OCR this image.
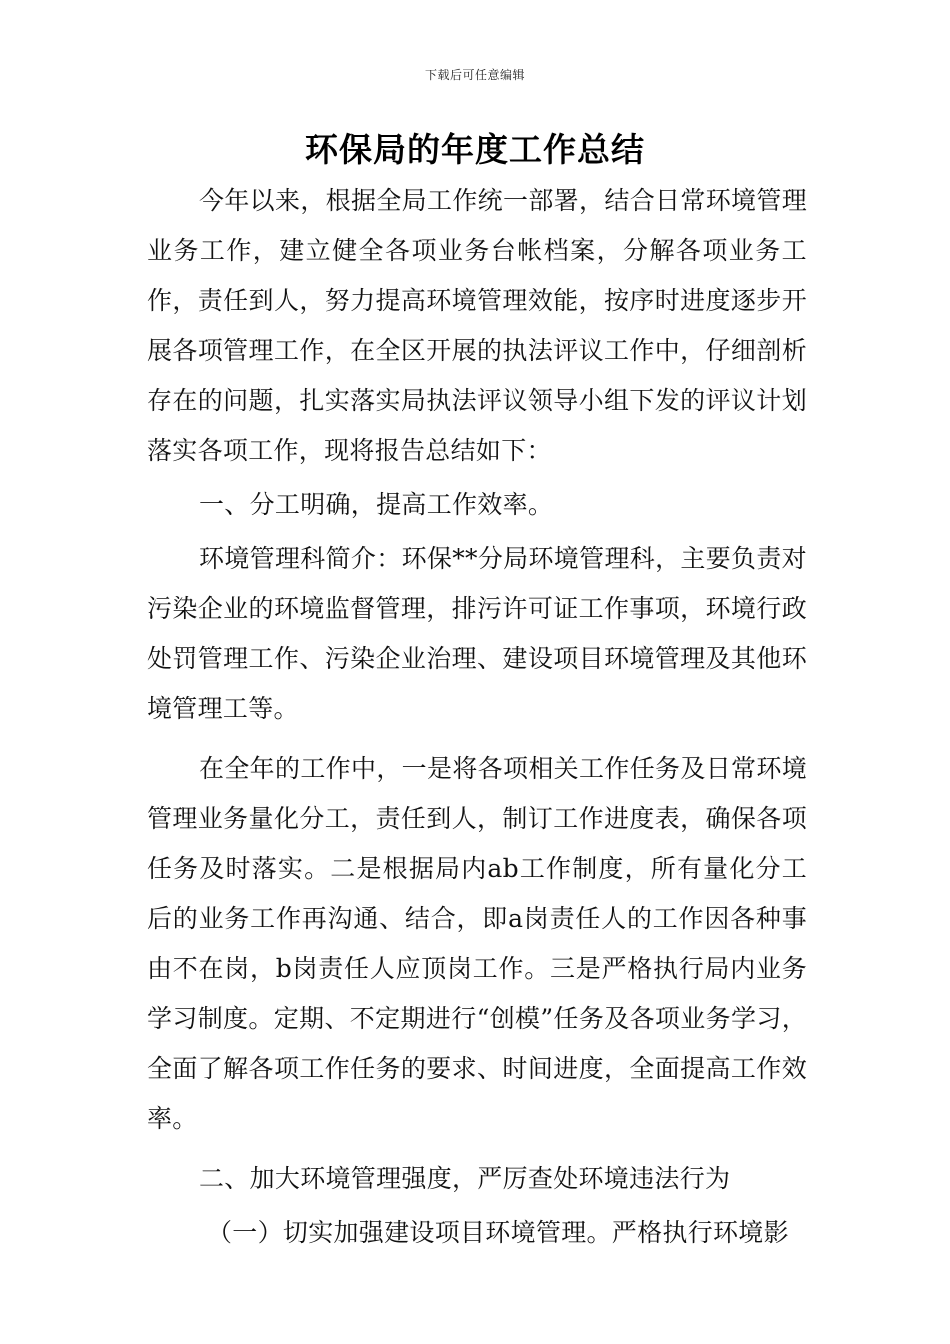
下载后可任意编辑
环保局的年度工作总结

今年以来，根据全局工作统一部署，结合日常环境管理业务工作，建立健全各项业务台帐档案，分解各项业务工作，责任到人，努力提高环境管理效能，按序时进度逐步开展各项管理工作，在全区开展的执法评议工作中，仔细剖析存在的问题，扎实落实局执法评议领导小组下发的评议计划落实各项工作，现将报告总结如下：

一、分工明确，提高工作效率。

环境管理科简介：环保**分局环境管理科，主要负责对污染企业的环境监督管理，排污许可证工作事项，环境行政处罚管理工作、污染企业治理、建设项目环境管理及其他环境管理工等。

在全年的工作中，一是将各项相关工作任务及日常环境管理业务量化分工，责任到人，制订工作进度表，确保各项任务及时落实。二是根据局内ab工作制度，所有量化分工后的业务工作再沟通、结合，即a岗责任人的工作因各种事由不在岗，b岗责任人应顶岗工作。三是严格执行局内业务学习制度。定期、不定期进行“创模”任务及各项业务学习，全面了解各项工作任务的要求、时间进度，全面提高工作效率。

二、加大环境管理强度，严厉查处环境违法行为

（一）切实加强建设项目环境管理。严格执行环境影
